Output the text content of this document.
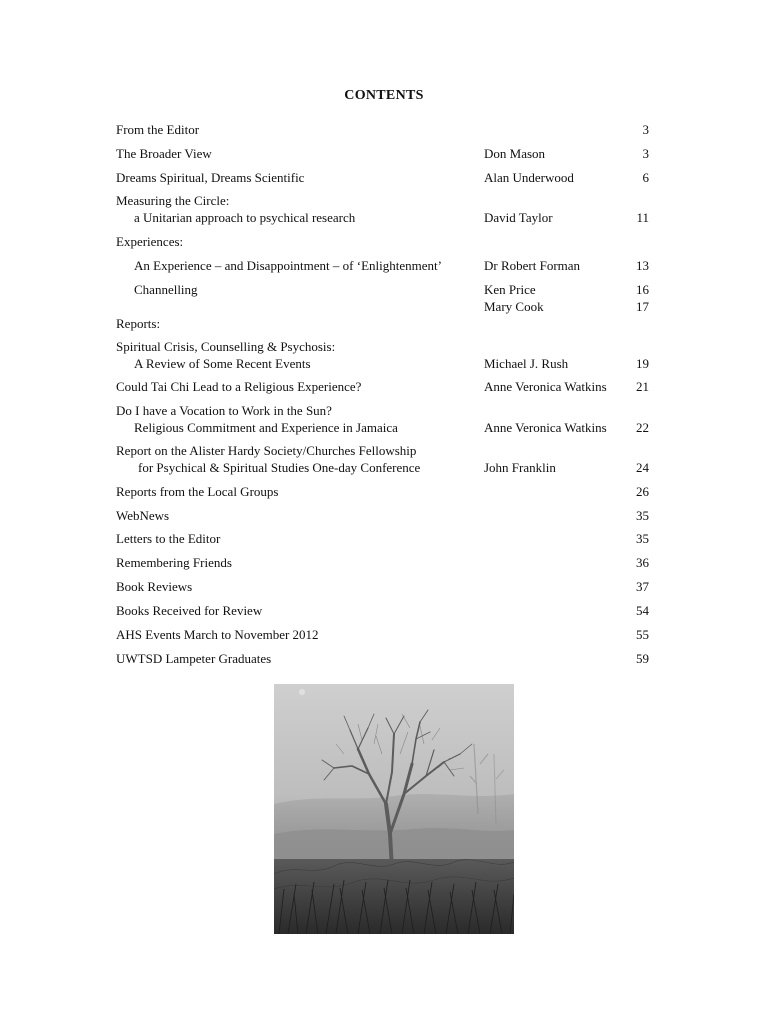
CONTENTS
From the Editor	3
The Broader View	Don Mason	3
Dreams Spiritual, Dreams Scientific	Alan Underwood	6
Measuring the Circle:
a Unitarian approach to psychical research	David Taylor	11
Experiences:
An Experience – and Disappointment – of ‘Enlightenment’	Dr Robert Forman	13
Channelling	Ken Price	16
Mary Cook	17
Reports:
Spiritual Crisis, Counselling & Psychosis:
A Review of Some Recent Events	Michael J. Rush	19
Could Tai Chi Lead to a Religious Experience?	Anne Veronica Watkins 21
Do I have a Vocation to Work in the Sun?
Religious Commitment and Experience in Jamaica	Anne Veronica Watkins 22
Report on the Alister Hardy Society/Churches Fellowship
for Psychical & Spiritual Studies One-day Conference	John Franklin	24
Reports from the Local Groups	26
WebNews	35
Letters to the Editor	35
Remembering Friends	36
Book Reviews	37
Books Received for Review	54
AHS Events March to November 2012	55
UWTSD Lampeter Graduates	59
